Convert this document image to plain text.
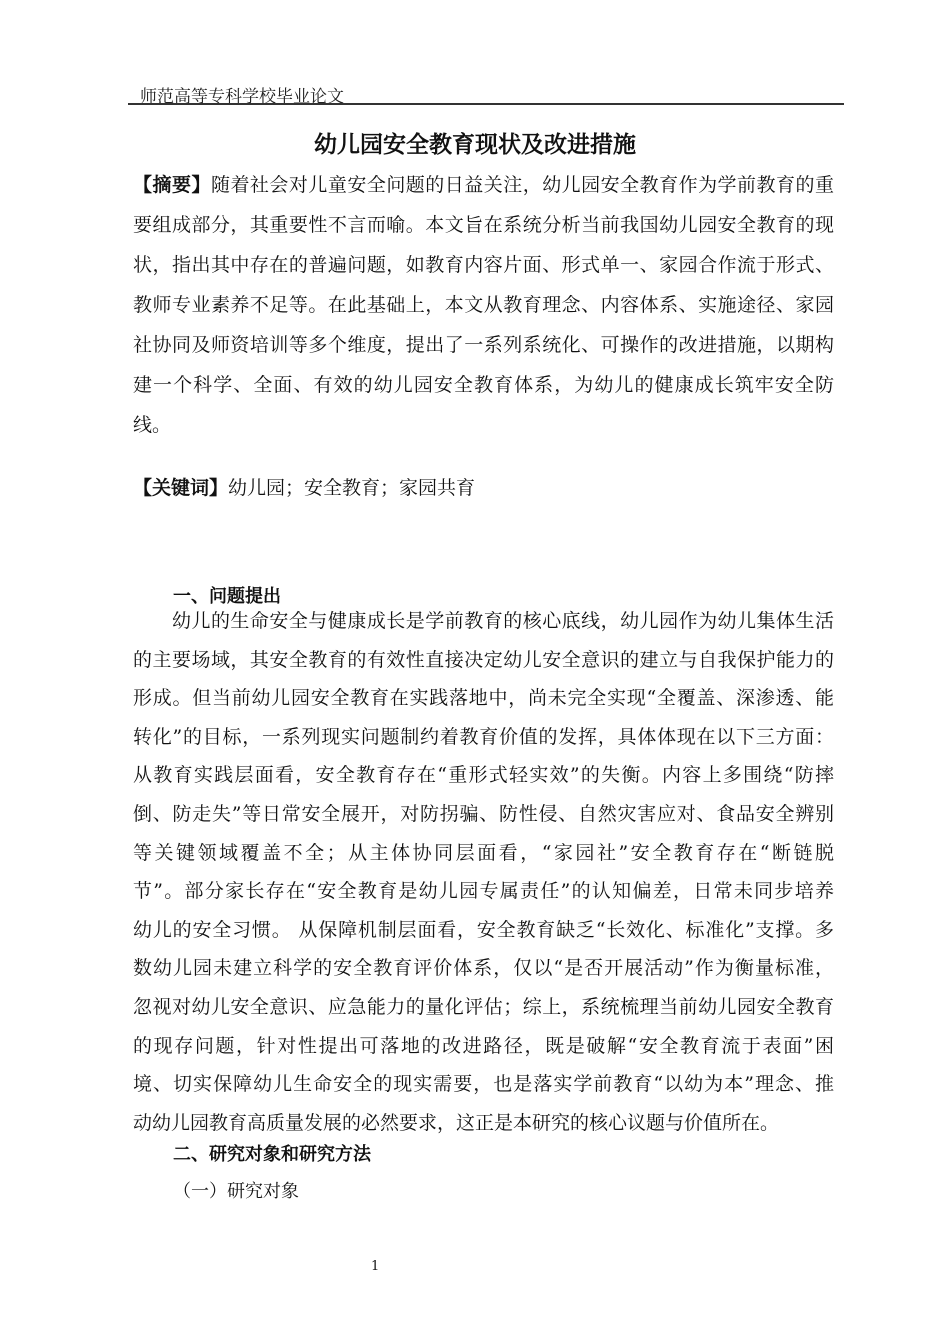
师范高等专科学校毕业论文
幼儿园安全教育现状及改进措施
【摘要】随着社会对儿童安全问题的日益关注，幼儿园安全教育作为学前教育的重
要组成部分，其重要性不言而喻。本文旨在系统分析当前我国幼儿园安全教育的现
状，指出其中存在的普遍问题，如教育内容片面、形式单一、家园合作流于形式、
教师专业素养不足等。在此基础上，本文从教育理念、内容体系、实施途径、家园
社协同及师资培训等多个维度，提出了一系列系统化、可操作的改进措施，以期构
建一个科学、全面、有效的幼儿园安全教育体系，为幼儿的健康成长筑牢安全防
线。
【关键词】幼儿园；安全教育；家园共育
一、问题提出
　　幼儿的生命安全与健康成长是学前教育的核心底线，幼儿园作为幼儿集体生活
的主要场域，其安全教育的有效性直接决定幼儿安全意识的建立与自我保护能力的
形成。但当前幼儿园安全教育在实践落地中，尚未完全实现“全覆盖、深渗透、能
转化”的目标，一系列现实问题制约着教育价值的发挥，具体体现在以下三方面：
从教育实践层面看，安全教育存在“重形式轻实效”的失衡。内容上多围绕“防摔
倒、防走失”等日常安全展开，对防拐骗、防性侵、自然灾害应对、食品安全辨别
等关键领域覆盖不全；从主体协同层面看，“家园社”安全教育存在“断链脱
节”。部分家长存在“安全教育是幼儿园专属责任”的认知偏差，日常未同步培养
幼儿的安全习惯。 从保障机制层面看，安全教育缺乏“长效化、标准化”支撑。多
数幼儿园未建立科学的安全教育评价体系，仅以“是否开展活动”作为衡量标准，
忽视对幼儿安全意识、应急能力的量化评估；综上，系统梳理当前幼儿园安全教育
的现存问题，针对性提出可落地的改进路径，既是破解“安全教育流于表面”困
境、切实保障幼儿生命安全的现实需要，也是落实学前教育“以幼为本”理念、推
动幼儿园教育高质量发展的必然要求，这正是本研究的核心议题与价值所在。
二、研究对象和研究方法
（一）研究对象
1
